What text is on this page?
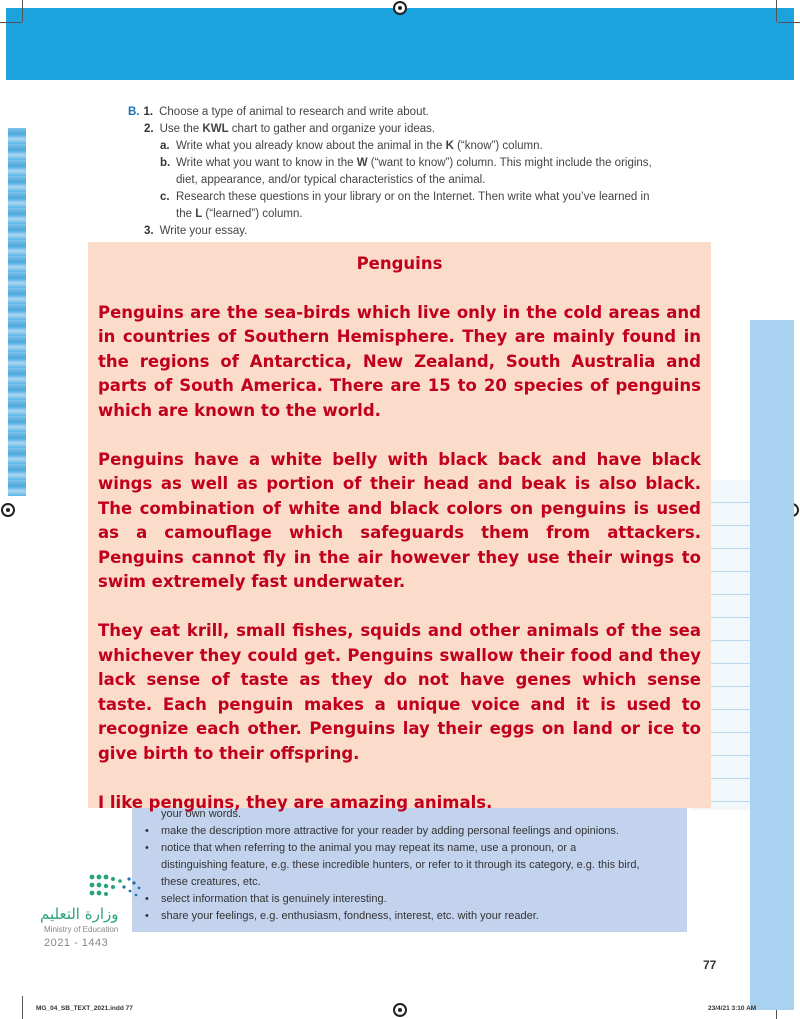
B. 1. Choose a type of animal to research and write about.
2. Use the KWL chart to gather and organize your ideas.
a. Write what you already know about the animal in the K (“know”) column.
b. Write what you want to know in the W (“want to know”) column. This might include the origins,
diet, appearance, and/or typical characteristics of the animal.
c. Research these questions in your library or on the Internet. Then write what you’ve learned in
the L (“learned”) column.
3. Write your essay.
your own words.
• make the description more attractive for your reader by adding personal feelings and opinions.
• notice that when referring to the animal you may repeat its name, use a pronoun, or a
distinguishing feature, e.g. these incredible hunters, or refer to it through its category, e.g. this bird,
these creatures, etc.
• select information that is genuinely interesting.
• share your feelings, e.g. enthusiasm, fondness, interest, etc. with your reader.
وزارة التعليم
Ministry of Education
2021 - 1443
Penguins

Penguins are the sea-birds which live only in the cold areas and in countries of Southern Hemisphere. They are mainly found in the regions of Antarctica, New Zealand, South Australia and parts of South America. There are 15 to 20 species of penguins which are known to the world.

Penguins have a white belly with black back and have black wings as well as portion of their head and beak is also black. The combination of white and black colors on penguins is used as a camouflage which safeguards them from attackers. Penguins cannot fly in the air however they use their wings to swim extremely fast underwater.

They eat krill, small fishes, squids and other animals of the sea whichever they could get. Penguins swallow their food and they lack sense of taste as they do not have genes which sense taste. Each penguin makes a unique voice and it is used to recognize each other. Penguins lay their eggs on land or ice to give birth to their offspring.

I like penguins, they are amazing animals.

77
MG_04_SB_TEXT_2021.indd 77	23/4/21 3:10 AM
